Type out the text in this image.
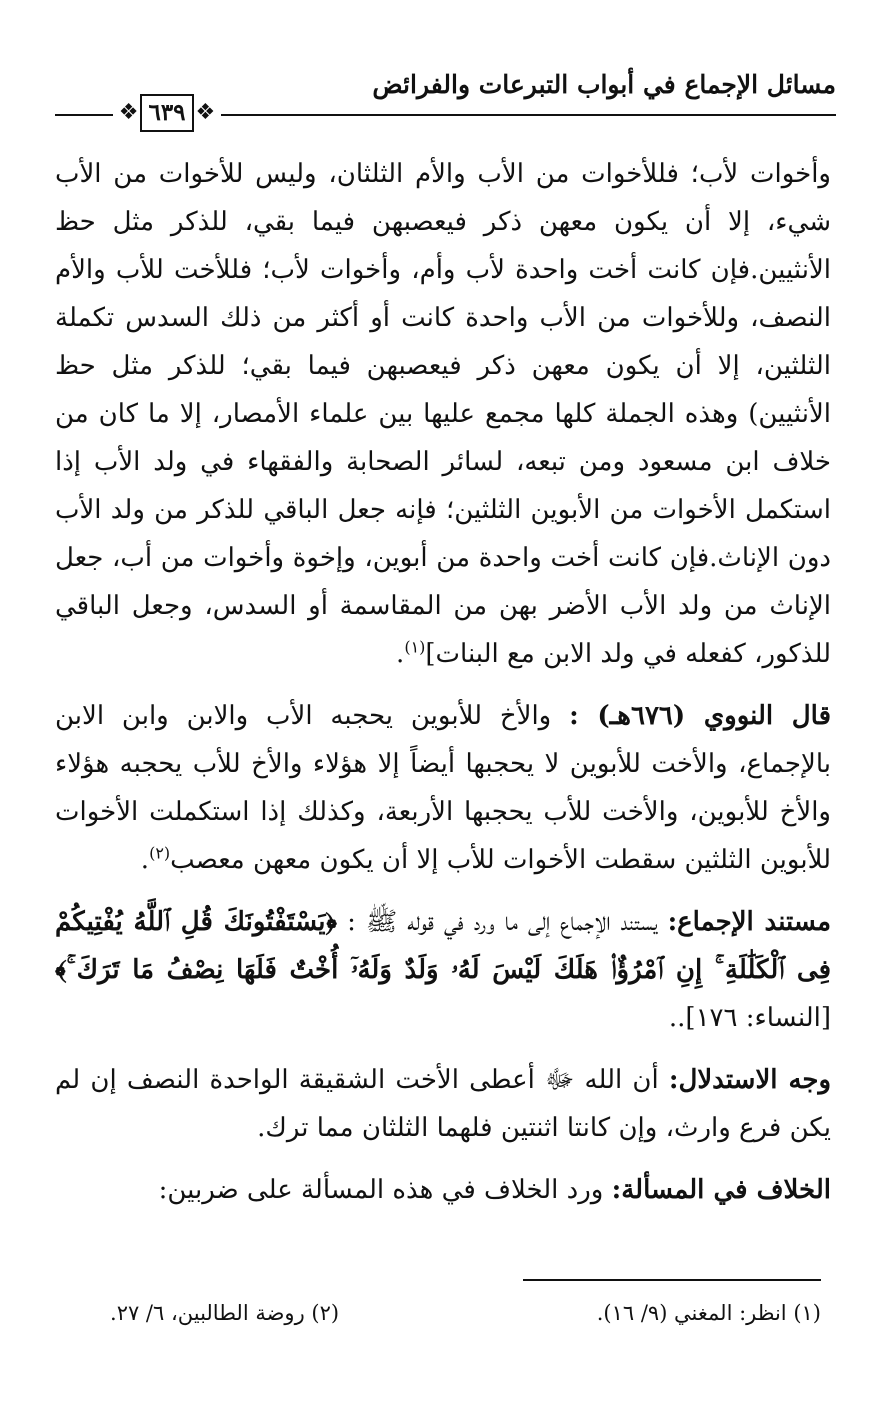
مسائل الإجماع في أبواب التبرعات والفرائض
❖
٦٣٩
❖

وأخوات لأب؛ فللأخوات من الأب والأم الثلثان، وليس للأخوات من الأب شيء، إلا أن يكون معهن ذكر فيعصبهن فيما بقي، للذكر مثل حظ الأنثيين.فإن كانت أخت واحدة لأب وأم، وأخوات لأب؛ فللأخت للأب والأم النصف، وللأخوات من الأب واحدة كانت أو أكثر من ذلك السدس تكملة الثلثين، إلا أن يكون معهن ذكر فيعصبهن فيما بقي؛ للذكر مثل حظ الأنثيين) وهذه الجملة كلها مجمع عليها بين علماء الأمصار، إلا ما كان من خلاف ابن مسعود ومن تبعه، لسائر الصحابة والفقهاء في ولد الأب إذا استكمل الأخوات من الأبوين الثلثين؛ فإنه جعل الباقي للذكر من ولد الأب دون الإناث.فإن كانت أخت واحدة من أبوين، وإخوة وأخوات من أب، جعل الإناث من ولد الأب الأضر بهن من المقاسمة أو السدس، وجعل الباقي للذكور، كفعله في ولد الابن مع البنات]$^{(١)}$.

قال النووي (٦٧٦هـ) : والأخ للأبوين يحجبه الأب والابن وابن الابن بالإجماع، والأخت للأبوين لا يحجبها أيضاً إلا هؤلاء والأخ للأب يحجبه هؤلاء والأخ للأبوين، والأخت للأب يحجبها الأربعة، وكذلك إذا استكملت الأخوات للأبوين الثلثين سقطت الأخوات للأب إلا أن يكون معهن معصب$^{(٢)}$.

مستند الإجماع: يستند الإجماع إلى ما ورد في قوله ﷺ : ﴿يَسْتَفْتُونَكَ قُلِ ٱللَّهُ يُفْتِيكُمْ فِى ٱلْكَلَٰلَةِ ۚ إِنِ ٱمْرُؤٌا۟ هَلَكَ لَيْسَ لَهُۥ وَلَدٌ وَلَهُۥٓ أُخْتٌ فَلَهَا نِصْفُ مَا تَرَكَ ۚ﴾ [النساء: ١٧٦]..

وجه الاستدلال: أن الله ﷻ أعطى الأخت الشقيقة الواحدة النصف إن لم يكن فرع وارث، وإن كانتا اثنتين فلهما الثلثان مما ترك.

الخلاف في المسألة: ورد الخلاف في هذه المسألة على ضربين:

(١) انظر: المغني (٩/ ١٦).
(٢) روضة الطالبين، ٦/ ٢٧.
